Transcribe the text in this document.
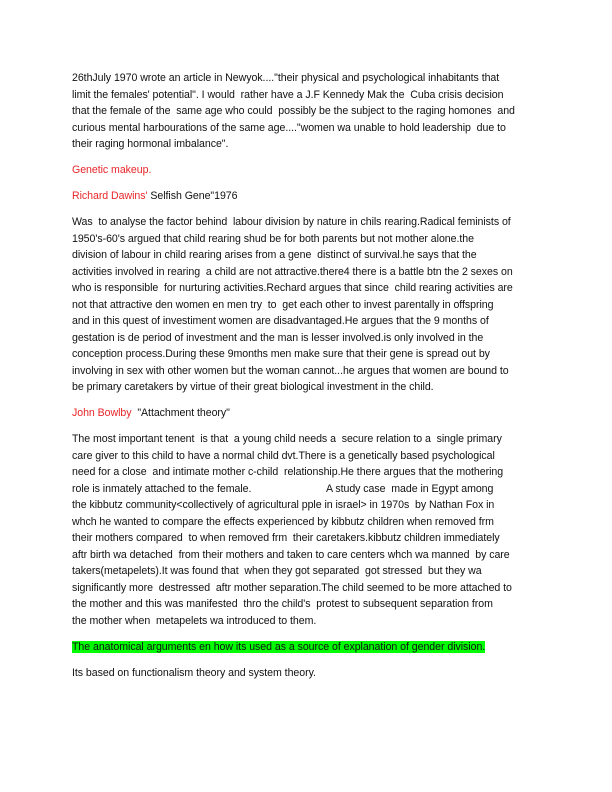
26thJuly 1970 wrote an article in Newyok...."their physical and psychological inhabitants that
limit the females' potential". I would  rather have a J.F Kennedy Mak the  Cuba crisis decision
that the female of the  same age who could  possibly be the subject to the raging homones  and
curious mental harbourations of the same age...."women wa unable to hold leadership  due to
their raging hormonal imbalance".
Genetic makeup.
Richard Dawins' Selfish Gene"1976
Was  to analyse the factor behind  labour division by nature in chils rearing.Radical feminists of
1950's-60's argued that child rearing shud be for both parents but not mother alone.the
division of labour in child rearing arises from a gene  distinct of survival.he says that the
activities involved in rearing  a child are not attractive.there4 there is a battle btn the 2 sexes on
who is responsible  for nurturing activities.Rechard argues that since  child rearing activities are
not that attractive den women en men try  to  get each other to invest parentally in offspring
and in this quest of investiment women are disadvantaged.He argues that the 9 months of
gestation is de period of investment and the man is lesser involved.is only involved in the
conception process.During these 9months men make sure that their gene is spread out by
involving in sex with other women but the woman cannot...he argues that women are bound to
be primary caretakers by virtue of their great biological investment in the child.
John Bowlby  "Attachment theory"
The most important tenent  is that  a young child needs a  secure relation to a  single primary
care giver to this child to have a normal child dvt.There is a genetically based psychological
need for a close  and intimate mother c-child  relationship.He there argues that the mothering
role is inmately attached to the female.                          A study case  made in Egypt among
the kibbutz community<collectively of agricultural pple in israel> in 1970s  by Nathan Fox in
whch he wanted to compare the effects experienced by kibbutz children when removed frm
their mothers compared  to when removed frm  their caretakers.kibbutz children immediately
aftr birth wa detached  from their mothers and taken to care centers whch wa manned  by care
takers(metapelets).It was found that  when they got separated  got stressed  but they wa
significantly more  destressed  aftr mother separation.The child seemed to be more attached to
the mother and this was manifested  thro the child's  protest to subsequent separation from
the mother when  metapelets wa introduced to them.
The anatomical arguments en how its used as a source of explanation of gender division.
Its based on functionalism theory and system theory.
